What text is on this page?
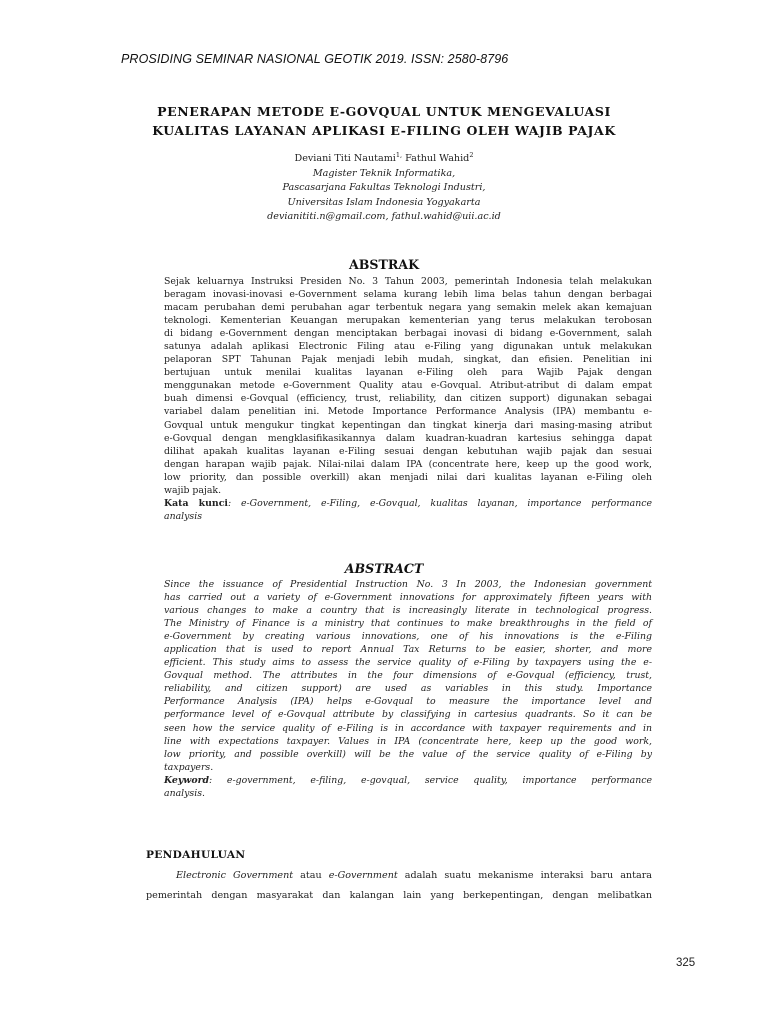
PROSIDING SEMINAR NASIONAL GEOTIK 2019. ISSN: 2580-8796
PENERAPAN METODE E-GOVQUAL UNTUK MENGEVALUASI
KUALITAS LAYANAN APLIKASI E-FILING OLEH WAJIB PAJAK
Deviani Titi Nautami$^{1,}$ Fathul Wahid$^2$
Magister Teknik Informatika,
Pascasarjana Fakultas Teknologi Industri,
Universitas Islam Indonesia Yogyakarta
devianititi.n@gmail.com, fathul.wahid@uii.ac.id
ABSTRAK
Sejak keluarnya Instruksi Presiden No. 3 Tahun 2003, pemerintah Indonesia telah melakukan
beragam inovasi-inovasi e-Government selama kurang lebih lima belas tahun dengan berbagai
macam perubahan demi perubahan agar terbentuk negara yang semakin melek akan kemajuan
teknologi. Kementerian Keuangan merupakan kementerian yang terus melakukan terobosan
di bidang e-Government dengan menciptakan berbagai inovasi di bidang e-Government, salah
satunya adalah aplikasi Electronic Filing atau e-Filing yang digunakan untuk melakukan
pelaporan SPT Tahunan Pajak menjadi lebih mudah, singkat, dan efisien. Penelitian ini
bertujuan untuk menilai kualitas layanan e-Filing oleh para Wajib Pajak dengan
menggunakan metode e-Government Quality atau e-Govqual. Atribut-atribut di dalam empat
buah dimensi e-Govqual (efficiency, trust, reliability, dan citizen support) digunakan sebagai
variabel dalam penelitian ini. Metode Importance Performance Analysis (IPA) membantu e-
Govqual untuk mengukur tingkat kepentingan dan tingkat kinerja dari masing-masing atribut
e-Govqual dengan mengklasifikasikannya dalam kuadran-kuadran kartesius sehingga dapat
dilihat apakah kualitas layanan e-Filing sesuai dengan kebutuhan wajib pajak dan sesuai
dengan harapan wajib pajak. Nilai-nilai dalam IPA (concentrate here, keep up the good work,
low priority, dan possible overkill) akan menjadi nilai dari kualitas layanan e-Filing oleh
wajib pajak.
Kata kunci: e-Government, e-Filing, e-Govqual, kualitas layanan, importance performance
analysis
ABSTRACT
Since the issuance of Presidential Instruction No. 3 In 2003, the Indonesian government
has carried out a variety of e-Government innovations for approximately fifteen years with
various changes to make a country that is increasingly literate in technological progress.
The Ministry of Finance is a ministry that continues to make breakthroughs in the field of
e-Government by creating various innovations, one of his innovations is the e-Filing
application that is used to report Annual Tax Returns to be easier, shorter, and more
efficient. This study aims to assess the service quality of e-Filing by taxpayers using the e-
Govqual method. The attributes in the four dimensions of e-Govqual (efficiency, trust,
reliability, and citizen support) are used as variables in this study. Importance
Performance Analysis (IPA) helps e-Govqual to measure the importance level and
performance level of e-Govqual attribute by classifying in cartesius quadrants. So it can be
seen how the service quality of e-Filing is in accordance with taxpayer requirements and in
line with expectations taxpayer. Values in IPA (concentrate here, keep up the good work,
low priority, and possible overkill) will be the value of the service quality of e-Filing by
taxpayers.
Keyword: e-government, e-filing, e-govqual, service quality, importance performance
analysis.
PENDAHULUAN
Electronic Government atau e-Government adalah suatu mekanisme interaksi baru antara
pemerintah dengan masyarakat dan kalangan lain yang berkepentingan, dengan melibatkan
325
